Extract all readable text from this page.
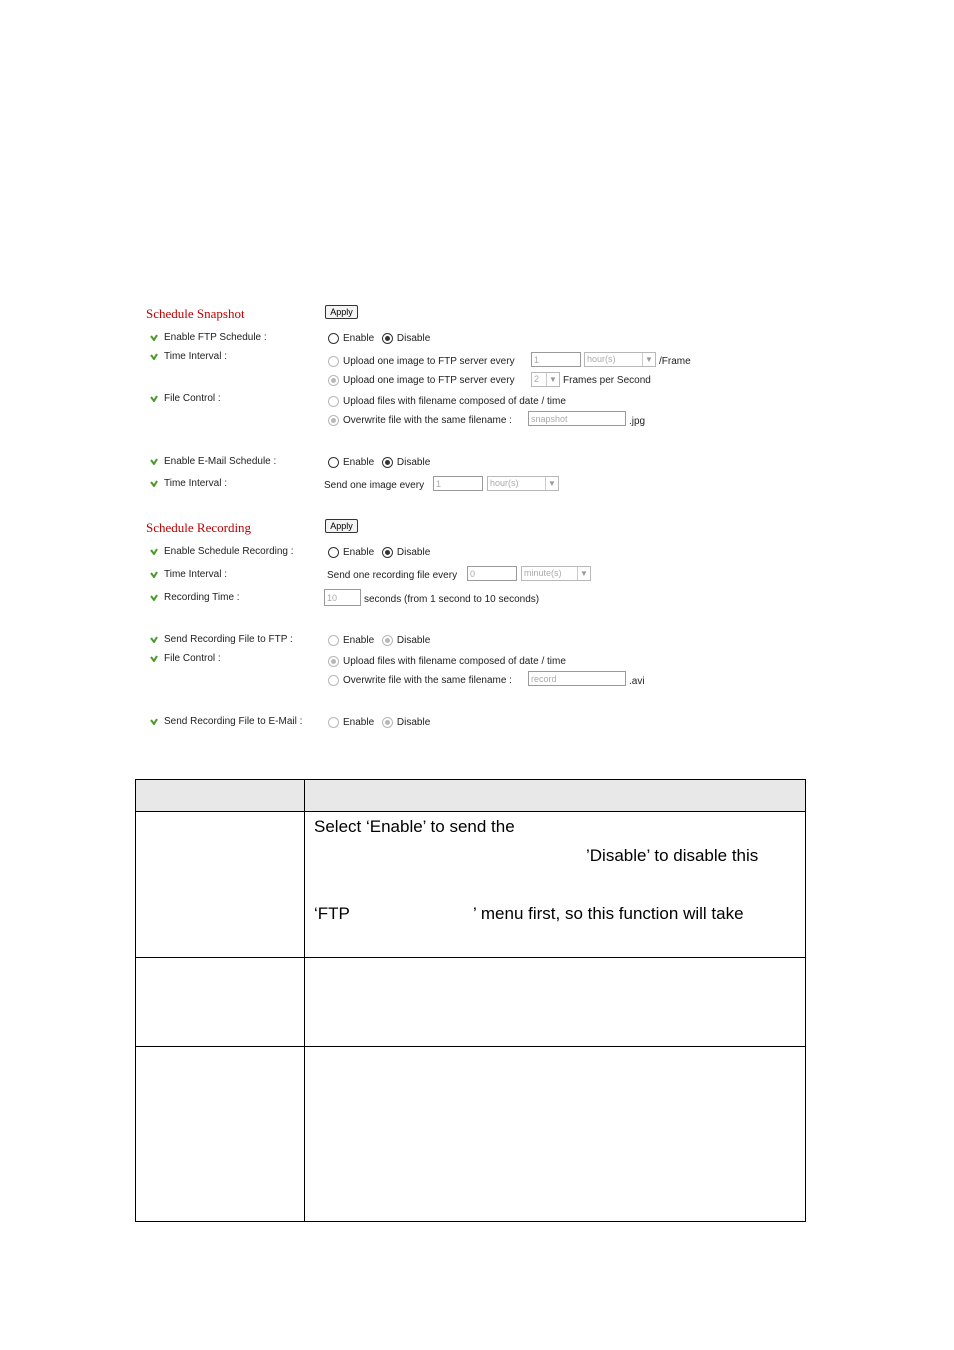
Schedule Snapshot	Apply
Enable FTP Schedule :	Enable Disable
Time Interval :	Upload one image to FTP server every	1	hour(s)	▼ /Frame
Upload one image to FTP server every	2	▼ Frames per Second
File Control :	Upload files with filename composed of date / time
Overwrite file with the same filename :	snapshot	.jpg
Enable E-Mail Schedule :	Enable Disable
Time Interval :	Send one image every	1	hour(s)	▼
Schedule Recording	Apply
Enable Schedule Recording :	Enable Disable
Time Interval :	Send one recording file every	0	minute(s)	▼
Recording Time :	10	seconds (from 1 second to 10 seconds)
Send Recording File to FTP :	Enable Disable
File Control :	Upload files with filename composed of date / time
Overwrite file with the same filename :	record	.avi
Send Recording File to E-Mail :	Enable Disable

	Select ‘Enable’ to send the
’Disable’ to disable this
‘FTP ’ menu first, so this function will take
